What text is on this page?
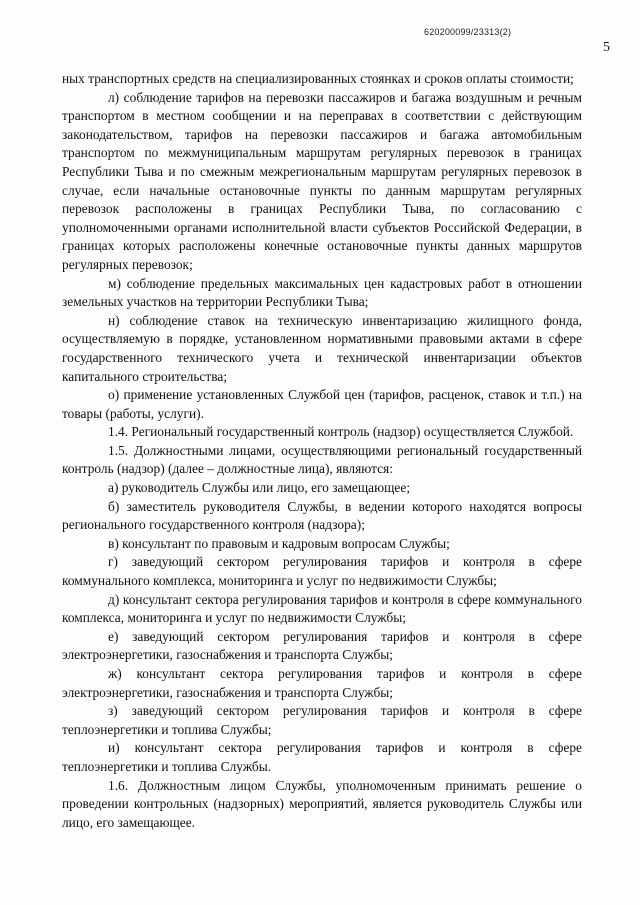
620200099/23313(2)
5

ных транспортных средств на специализированных стоянках и сроков оплаты стоимости;

л) соблюдение тарифов на перевозки пассажиров и багажа воздушным и речным транспортом в местном сообщении и на переправах в соответствии с действующим законодательством, тарифов на перевозки пассажиров и багажа автомобильным транспортом по межмуниципальным маршрутам регулярных перевозок в границах Республики Тыва и по смежным межрегиональным маршрутам регулярных перевозок в случае, если начальные остановочные пункты по данным маршрутам регулярных перевозок расположены в границах Республики Тыва, по согласованию с уполномоченными органами исполнительной власти субъектов Российской Федерации, в границах которых расположены конечные остановочные пункты данных маршрутов регулярных перевозок;

м) соблюдение предельных максимальных цен кадастровых работ в отношении земельных участков на территории Республики Тыва;

н) соблюдение ставок на техническую инвентаризацию жилищного фонда, осуществляемую в порядке, установленном нормативными правовыми актами в сфере государственного технического учета и технической инвентаризации объектов капитального строительства;

о) применение установленных Службой цен (тарифов, расценок, ставок и т.п.) на товары (работы, услуги).

1.4. Региональный государственный контроль (надзор) осуществляется Службой.

1.5. Должностными лицами, осуществляющими региональный государственный контроль (надзор) (далее – должностные лица), являются:

а) руководитель Службы или лицо, его замещающее;

б) заместитель руководителя Службы, в ведении которого находятся вопросы регионального государственного контроля (надзора);

в) консультант по правовым и кадровым вопросам Службы;

г) заведующий сектором регулирования тарифов и контроля в сфере коммунального комплекса, мониторинга и услуг по недвижимости Службы;

д) консультант сектора регулирования тарифов и контроля в сфере коммунального комплекса, мониторинга и услуг по недвижимости Службы;

е) заведующий сектором регулирования тарифов и контроля в сфере электроэнергетики, газоснабжения и транспорта Службы;

ж) консультант сектора регулирования тарифов и контроля в сфере электроэнергетики, газоснабжения и транспорта Службы;

з) заведующий сектором регулирования тарифов и контроля в сфере теплоэнергетики и топлива Службы;

и) консультант сектора регулирования тарифов и контроля в сфере теплоэнергетики и топлива Службы.

1.6. Должностным лицом Службы, уполномоченным принимать решение о проведении контрольных (надзорных) мероприятий, является руководитель Службы или лицо, его замещающее.
